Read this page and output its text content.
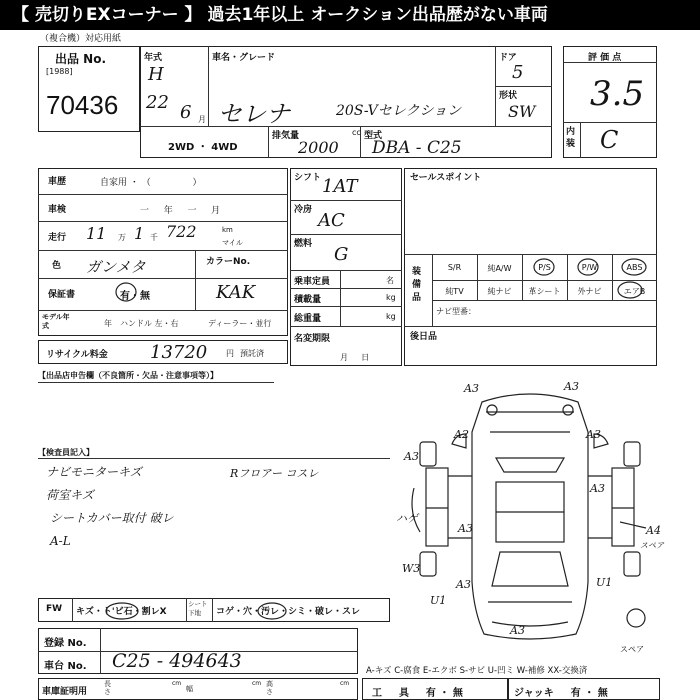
【 売切りEXコーナー 】 過去1年以上 オークション出品歴がない車両
（複合機）対応用紙
出品 No.
[1988]
70436
年式
H
22 6 月
車名・グレード
セレナ	20S-Vセレクション
ドア
5
形状
SW
評 価 点
3.5
内装 C
2WD ・ 4WD
排気量	cc
2000
型式
DBA - C25
車歴	自家用 ・ （ 　　　　 ）
車検	一 　 年 　 一 　 月
走行 11 万 1 千 722	km
マイル
色 ガンメタ	カラーNo.
KAK
保証書	有・無
モデル年式	年 ハンドル 左・右	ディーラー・並行
リサイクル料金 13720 円 預託済
シフト 1AT
冷房 AC
燃料 G
乗車定員	名
積載量	kg
総重量	kg
名変期限
月 　 日
セールスポイント
装備品
S/R	純A/W	P/S	P/W	ABS
純TV	純ナビ	革シート	外ナビ	エアB
ナビ型番：
後日品
【出品店申告欄（不良箇所・欠品・注意事項等）】
【検査員記入】
ナビモニターキズ
荷室キズ
シートカバー取付 破レ
A-L
Rフロアー コスレ
A3	A3
A2	A3
A3
A3
A3
A4
A3	U1
W3
U1
A3
ハゲ
スペア
スペア
FW キズ・ト'ビ石・割レX
シート下地	コゲ・穴・汚レ・シミ・破レ・スレ
登録 No.
車台 No. C25 - 494643	A-キズ C-腐食 E-エクボ S-サビ U-凹ミ W-補修 XX-交換済
車庫証明用
長さ
cm
幅
cm 高さ
cm
工 　 具 　 有 ・ 無	ジャッキ 　 有 ・ 無
